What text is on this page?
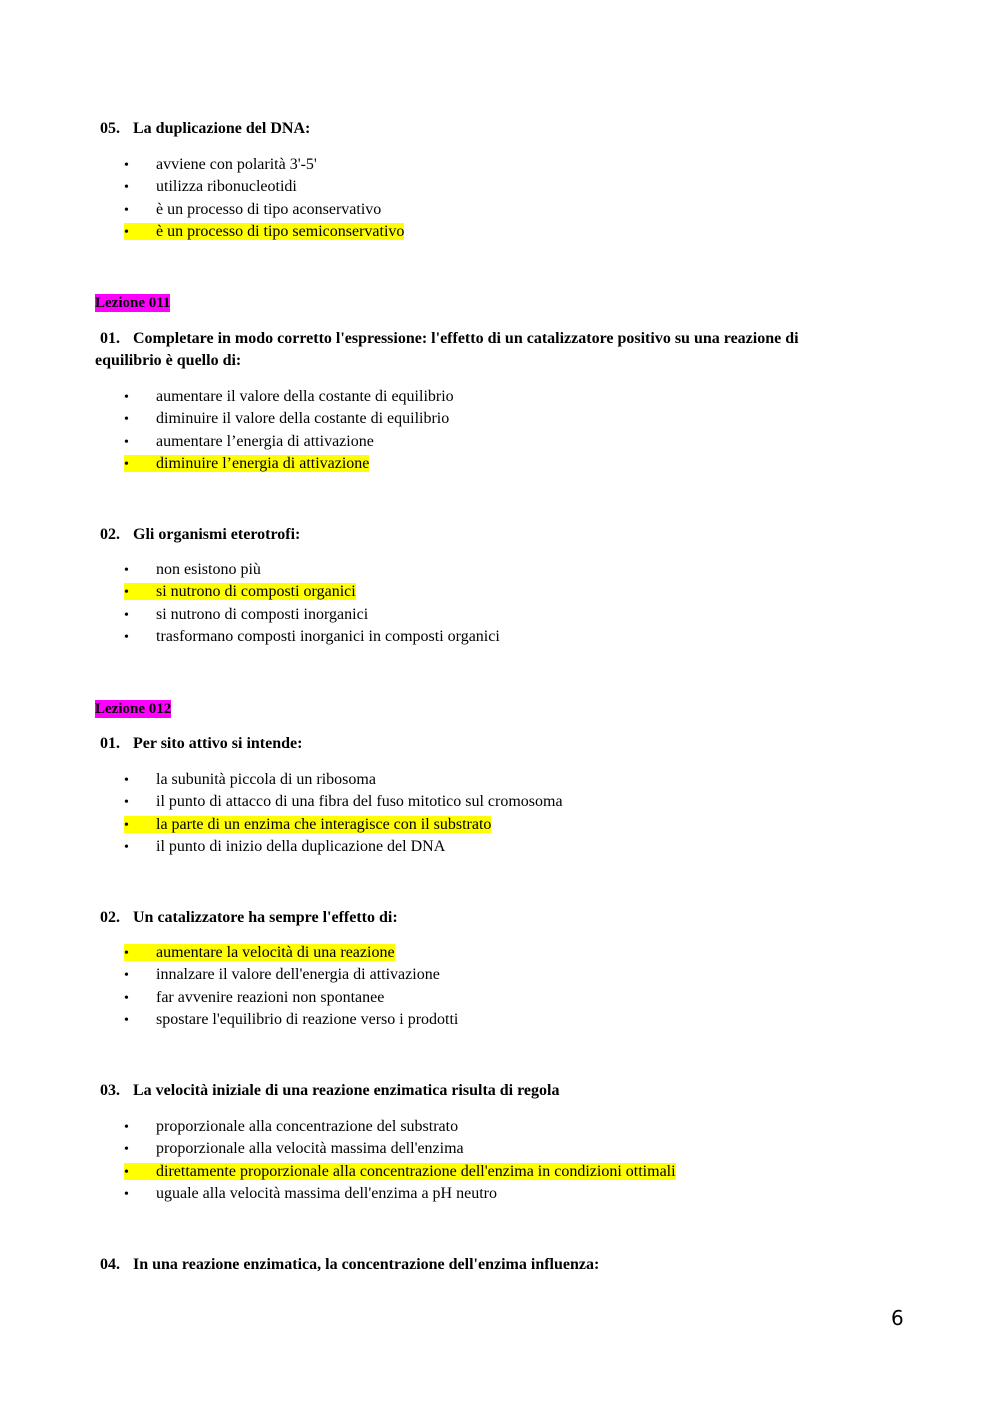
05. La duplicazione del DNA:
• avviene con polarità 3'-5'
• utilizza ribonucleotidi
• è un processo di tipo aconservativo
• è un processo di tipo semiconservativo
Lezione 011
01. Completare in modo corretto l'espressione: l'effetto di un catalizzatore positivo su una reazione di
equilibrio è quello di:
• aumentare il valore della costante di equilibrio
• diminuire il valore della costante di equilibrio
• aumentare l’energia di attivazione
• diminuire l’energia di attivazione
02. Gli organismi eterotrofi:
• non esistono più
• si nutrono di composti organici
• si nutrono di composti inorganici
• trasformano composti inorganici in composti organici
Lezione 012
01. Per sito attivo si intende:
• la subunità piccola di un ribosoma
• il punto di attacco di una fibra del fuso mitotico sul cromosoma
• la parte di un enzima che interagisce con il substrato
• il punto di inizio della duplicazione del DNA
02. Un catalizzatore ha sempre l'effetto di:
• aumentare la velocità di una reazione
• innalzare il valore dell'energia di attivazione
• far avvenire reazioni non spontanee
• spostare l'equilibrio di reazione verso i prodotti
03. La velocità iniziale di una reazione enzimatica risulta di regola
• proporzionale alla concentrazione del substrato
• proporzionale alla velocità massima dell'enzima
• direttamente proporzionale alla concentrazione dell'enzima in condizioni ottimali
• uguale alla velocità massima dell'enzima a pH neutro
04. In una reazione enzimatica, la concentrazione dell'enzima influenza:
6
